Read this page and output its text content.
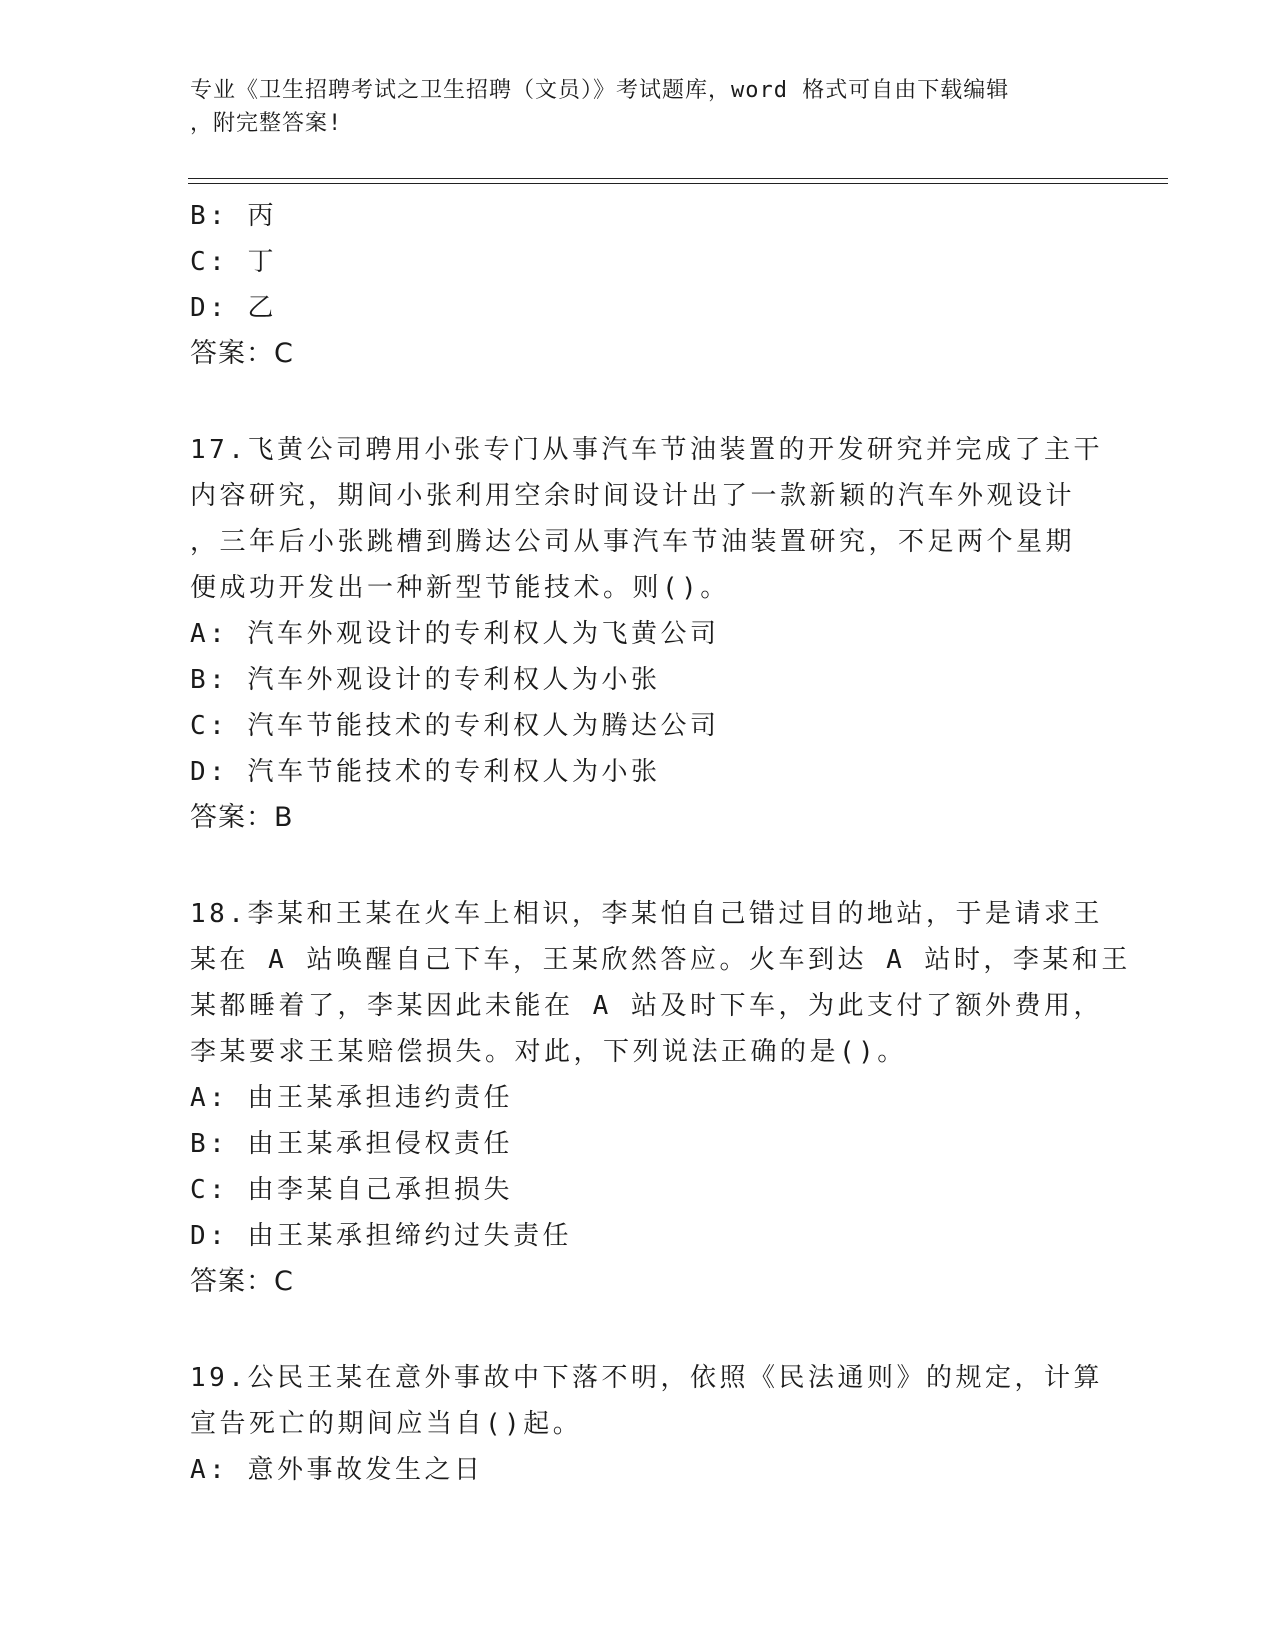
专业《卫生招聘考试之卫生招聘（文员）》考试题库，word 格式可自由下载编辑
，附完整答案!
B: 丙
C: 丁
D: 乙
答案：C
17.飞黄公司聘用小张专门从事汽车节油装置的开发研究并完成了主干
内容研究，期间小张利用空余时间设计出了一款新颖的汽车外观设计
，三年后小张跳槽到腾达公司从事汽车节油装置研究，不足两个星期
便成功开发出一种新型节能技术。则()。
A: 汽车外观设计的专利权人为飞黄公司
B: 汽车外观设计的专利权人为小张
C: 汽车节能技术的专利权人为腾达公司
D: 汽车节能技术的专利权人为小张
答案：B
18.李某和王某在火车上相识，李某怕自己错过目的地站，于是请求王
某在 A 站唤醒自己下车，王某欣然答应。火车到达 A 站时，李某和王
某都睡着了，李某因此未能在 A 站及时下车，为此支付了额外费用，
李某要求王某赔偿损失。对此，下列说法正确的是()。
A: 由王某承担违约责任
B: 由王某承担侵权责任
C: 由李某自己承担损失
D: 由王某承担缔约过失责任
答案：C
19.公民王某在意外事故中下落不明，依照《民法通则》的规定，计算
宣告死亡的期间应当自()起。
A: 意外事故发生之日
